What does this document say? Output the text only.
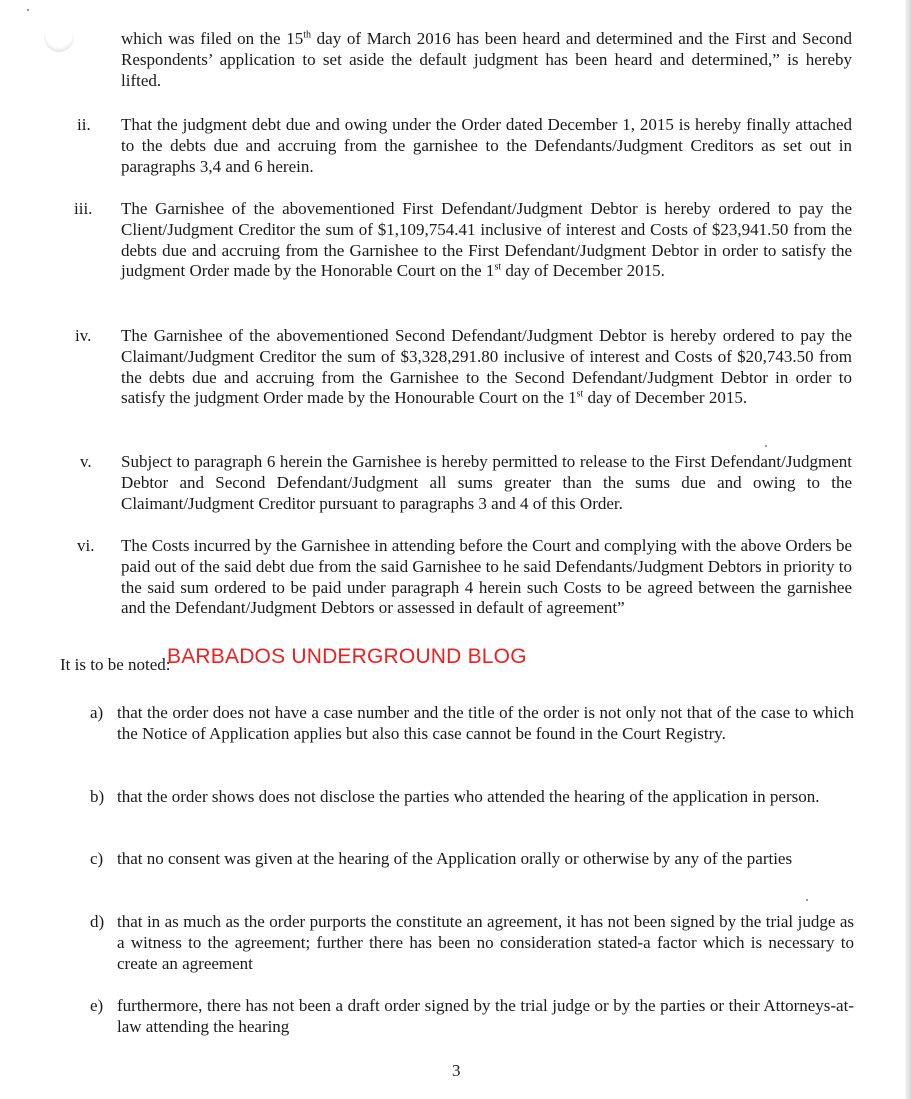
which was filed on the 15th day of March 2016 has been heard and determined and the First and Second Respondents’ application to set aside the default judgment has been heard and determined,” is hereby lifted.
ii. That the judgment debt due and owing under the Order dated December 1, 2015 is hereby finally attached to the debts due and accruing from the garnishee to the Defendants/Judgment Creditors as set out in paragraphs 3,4 and 6 herein.
iii. The Garnishee of the abovementioned First Defendant/Judgment Debtor is hereby ordered to pay the Client/Judgment Creditor the sum of $1,109,754.41 inclusive of interest and Costs of $23,941.50 from the debts due and accruing from the Garnishee to the First Defendant/Judgment Debtor in order to satisfy the judgment Order made by the Honorable Court on the 1st day of December 2015.
iv. The Garnishee of the abovementioned Second Defendant/Judgment Debtor is hereby ordered to pay the Claimant/Judgment Creditor the sum of $3,328,291.80 inclusive of interest and Costs of $20,743.50 from the debts due and accruing from the Garnishee to the Second Defendant/Judgment Debtor in order to satisfy the judgment Order made by the Honourable Court on the 1st day of December 2015.
v. Subject to paragraph 6 herein the Garnishee is hereby permitted to release to the First Defendant/Judgment Debtor and Second Defendant/Judgment all sums greater than the sums due and owing to the Claimant/Judgment Creditor pursuant to paragraphs 3 and 4 of this Order.
vi. The Costs incurred by the Garnishee in attending before the Court and complying with the above Orders be paid out of the said debt due from the said Garnishee to he said Defendants/Judgment Debtors in priority to the said sum ordered to be paid under paragraph 4 herein such Costs to be agreed between the garnishee and the Defendant/Judgment Debtors or assessed in default of agreement”
It is to be noted:
BARBADOS UNDERGROUND BLOG
a) that the order does not have a case number and the title of the order is not only not that of the case to which the Notice of Application applies but also this case cannot be found in the Court Registry.
b) that the order shows does not disclose the parties who attended the hearing of the application in person.
c) that no consent was given at the hearing of the Application orally or otherwise by any of the parties
d) that in as much as the order purports the constitute an agreement, it has not been signed by the trial judge as a witness to the agreement; further there has been no consideration stated-a factor which is necessary to create an agreement
e) furthermore, there has not been a draft order signed by the trial judge or by the parties or their Attorneys-at-law attending the hearing
3
